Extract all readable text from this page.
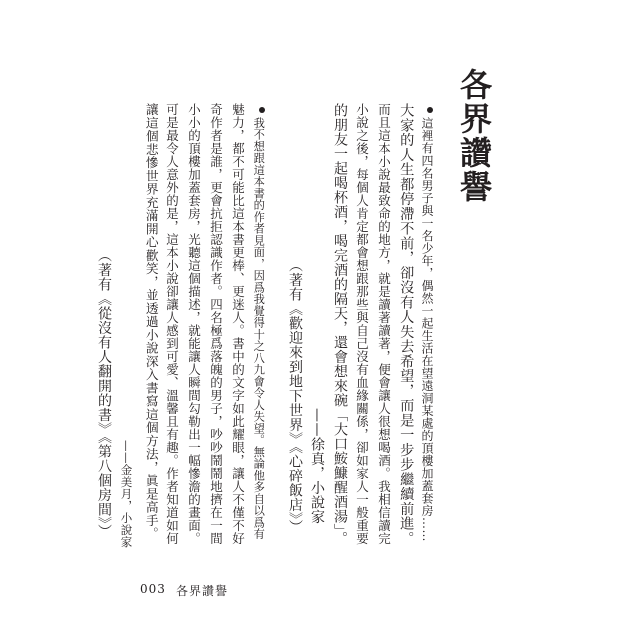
各界讚譽
這裡有四名男子與一名少年，偶然一起生活在望遠洞某處的頂樓加蓋套房……
大家的人生都停滯不前，卻沒有人失去希望，而是一步步繼續前進。
而且這本小說最致命的地方，就是讀著讀著，便會讓人很想喝酒。我相信讀完
小說之後，每個人肯定都會想跟那些與自己沒有血緣關係，卻如家人一般重要
的朋友一起喝杯酒，喝完酒的隔天，還會想來碗「大口鮟鱇醒酒湯」。
——徐真，小說家
（著有《歡迎來到地下世界》《心碎飯店》）
我不想跟這本書的作者見面，因爲我覺得十之八九會令人失望。無論他多自以爲有
魅力，都不可能比這本書更棒、更迷人。書中的文字如此耀眼，讓人不僅不好
奇作者是誰，更會抗拒認識作者。四名極爲落魄的男子，吵吵鬧鬧地擠在一間
小小的頂樓加蓋套房，光聽這個描述，就能讓人瞬間勾勒出一幅慘澹的畫面。
可是最令人意外的是，這本小說卻讓人感到可愛、溫馨且有趣。作者知道如何
讓這個悲慘世界充滿開心歡笑，並透過小說深入書寫這個方法，眞是高手。
——金美月，小說家
（著有《從沒有人翻開的書》《第八個房間》）
003 各界讚譽
